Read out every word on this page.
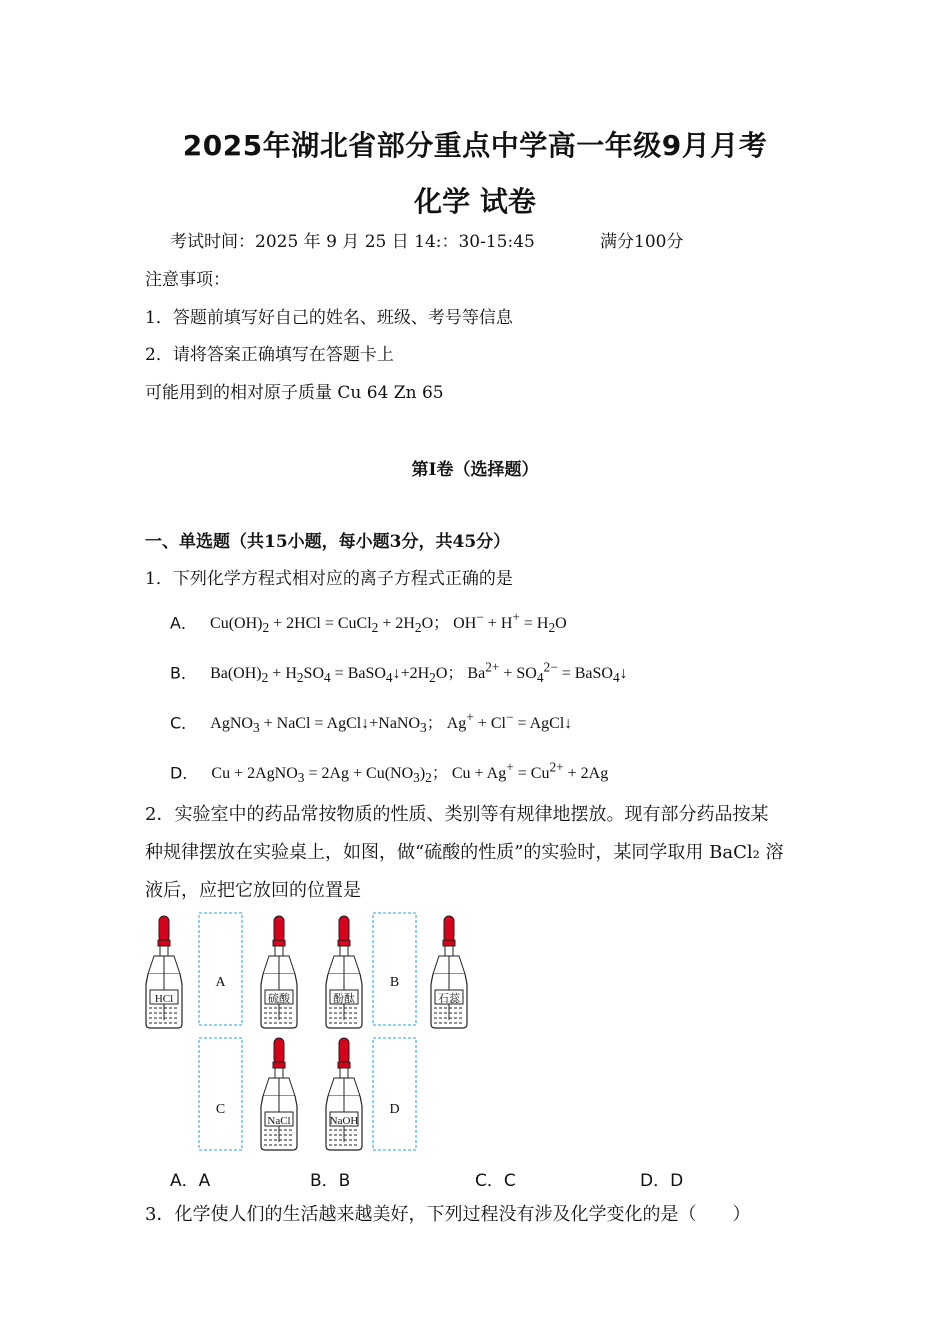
2025年湖北省部分重点中学高一年级9月月考
化学 试卷
考试时间：2025 年 9 月 25 日 14:：30-15:45	满分100分
注意事项：
1．答题前填写好自己的姓名、班级、考号等信息
2．请将答案正确填写在答题卡上
可能用到的相对原子质量 Cu 64 Zn 65
第Ⅰ卷（选择题）
一、单选题（共15小题，每小题3分，共45分）
1．下列化学方程式相对应的离子方程式正确的是
A． $Cu(OH)_2 + 2HCl$ = CuCl$_2$ + $2H_2O$； $OH^- + H^+ = H_2O$
B． $Ba(OH)_2 + H_2SO_4$ = $BaSO_4↓+2H_2O$； $Ba^{2+} + SO_4^{2-}$ = BaSO$_4$↓
C． AgNO$_3$ + NaCl = AgCl↓+NaNO$_3$； Ag+ + Cl− = AgCl↓
D． Cu + 2AgNO$_3$ = $2Ag + Cu(NO_3)_2$； $Cu + Ag^+ = Cu^{2+} + 2Ag$
2．实验室中的药品常按物质的性质、类别等有规律地摆放。现有部分药品按某
种规律摆放在实验桌上，如图，做“硫酸的性质”的实验时，某同学取用 BaCl₂ 溶
液后，应把它放回的位置是
HCl	硫酸	酚酞	石蕊
A	B
C	D
NaCl	NaOH
A．A	B．B	C．C	D．D
3．化学使人们的生活越来越美好，下列过程没有涉及化学变化的是（　　）
